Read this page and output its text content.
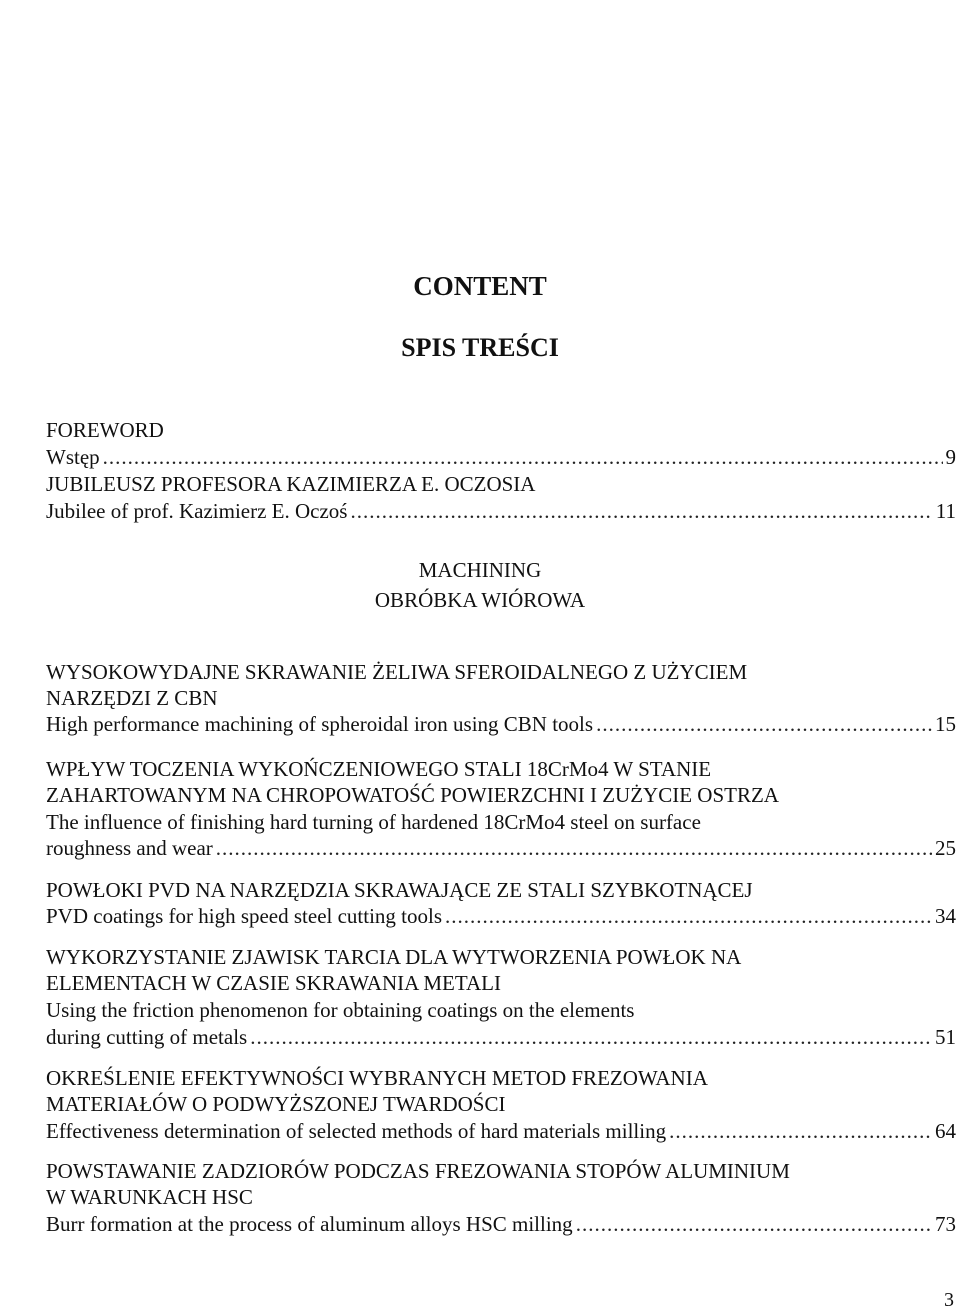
CONTENT
SPIS TREŚCI
FOREWORD
Wstęp .....	9
JUBILEUSZ PROFESORA KAZIMIERZA E. OCZOSIA
Jubilee of prof. Kazimierz E. Oczoś .....	11
MACHINING
OBRÓBKA WIÓROWA
WYSOKOWYDAJNE SKRAWANIE ŻELIWA SFEROIDALNEGO Z UŻYCIEM
NARZĘDZI Z CBN
High performance machining of spheroidal iron using CBN tools .....	15
WPŁYW TOCZENIA WYKOŃCZENIOWEGO STALI 18CrMo4 W STANIE
ZAHARTOWANYM NA CHROPOWATOŚĆ POWIERZCHNI I ZUŻYCIE OSTRZA
The influence of finishing hard turning of hardened 18CrMo4 steel on surface
roughness and wear .....	25
POWŁOKI PVD NA NARZĘDZIA SKRAWAJĄCE ZE STALI SZYBKOTNĄCEJ
PVD coatings for high speed steel cutting tools .....	34
WYKORZYSTANIE ZJAWISK TARCIA DLA WYTWORZENIA POWŁOK NA
ELEMENTACH W CZASIE SKRAWANIA METALI
Using the friction phenomenon for obtaining coatings on the elements
during cutting of metals .....	51
OKREŚLENIE EFEKTYWNOŚCI WYBRANYCH METOD FREZOWANIA
MATERIAŁÓW O PODWYŻSZONEJ TWARDOŚCI
Effectiveness determination of selected methods of hard materials milling .....	64
POWSTAWANIE ZADZIORÓW PODCZAS FREZOWANIA STOPÓW ALUMINIUM
W WARUNKACH HSC
Burr formation at the process of aluminum alloys HSC milling .....	73
3
